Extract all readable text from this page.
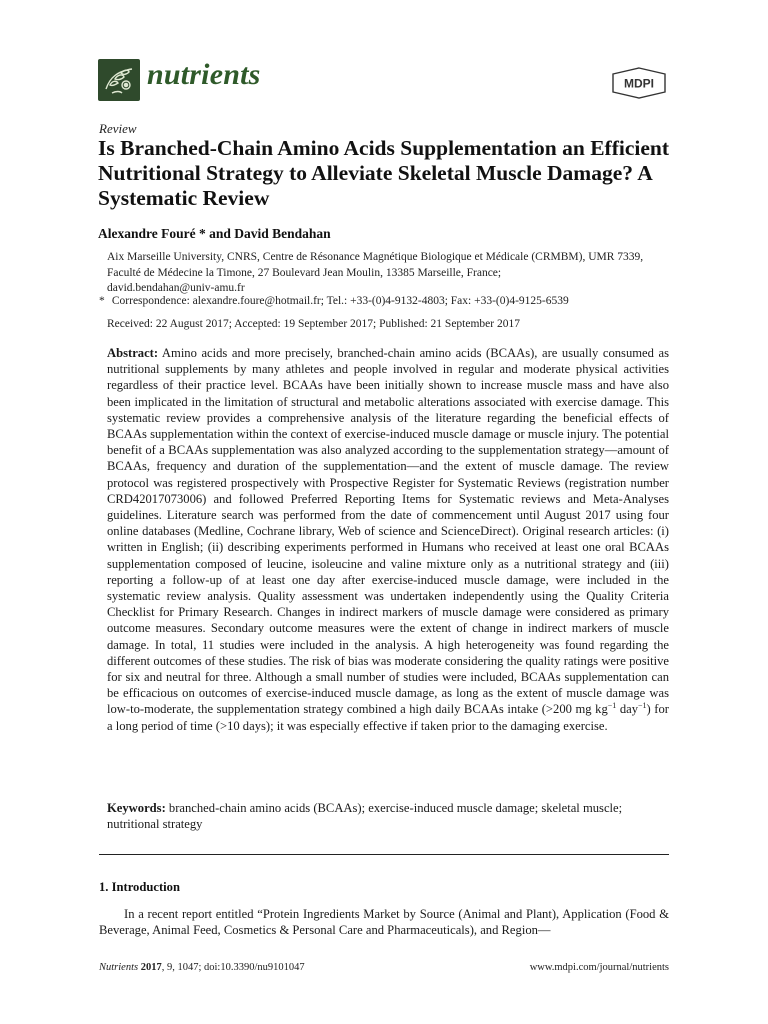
nutrients	MDPI
Review
Is Branched-Chain Amino Acids Supplementation an Efficient Nutritional Strategy to Alleviate Skeletal Muscle Damage? A Systematic Review
Alexandre Fouré * and David Bendahan
Aix Marseille University, CNRS, Centre de Résonance Magnétique Biologique et Médicale (CRMBM), UMR 7339,
Faculté de Médecine la Timone, 27 Boulevard Jean Moulin, 13385 Marseille, France;
david.bendahan@univ-amu.fr
* Correspondence: alexandre.foure@hotmail.fr; Tel.: +33-(0)4-9132-4803; Fax: +33-(0)4-9125-6539
Received: 22 August 2017; Accepted: 19 September 2017; Published: 21 September 2017
Abstract: Amino acids and more precisely, branched-chain amino acids (BCAAs), are usually consumed as nutritional supplements by many athletes and people involved in regular and moderate physical activities regardless of their practice level. BCAAs have been initially shown to increase muscle mass and have also been implicated in the limitation of structural and metabolic alterations associated with exercise damage. This systematic review provides a comprehensive analysis of the literature regarding the beneficial effects of BCAAs supplementation within the context of exercise-induced muscle damage or muscle injury. The potential benefit of a BCAAs supplementation was also analyzed according to the supplementation strategy—amount of BCAAs, frequency and duration of the supplementation—and the extent of muscle damage. The review protocol was registered prospectively with Prospective Register for Systematic Reviews (registration number CRD42017073006) and followed Preferred Reporting Items for Systematic reviews and Meta-Analyses guidelines. Literature search was performed from the date of commencement until August 2017 using four online databases (Medline, Cochrane library, Web of science and ScienceDirect). Original research articles: (i) written in English; (ii) describing experiments performed in Humans who received at least one oral BCAAs supplementation composed of leucine, isoleucine and valine mixture only as a nutritional strategy and (iii) reporting a follow-up of at least one day after exercise-induced muscle damage, were included in the systematic review analysis. Quality assessment was undertaken independently using the Quality Criteria Checklist for Primary Research. Changes in indirect markers of muscle damage were considered as primary outcome measures. Secondary outcome measures were the extent of change in indirect markers of muscle damage. In total, 11 studies were included in the analysis. A high heterogeneity was found regarding the different outcomes of these studies. The risk of bias was moderate considering the quality ratings were positive for six and neutral for three. Although a small number of studies were included, BCAAs supplementation can be efficacious on outcomes of exercise-induced muscle damage, as long as the extent of muscle damage was low-to-moderate, the supplementation strategy combined a high daily BCAAs intake (>200 mg $kg^{-1}$ day$^{-1}$) for a long period of time (>10 days); it was especially effective if taken prior to the damaging exercise.
Keywords: branched-chain amino acids (BCAAs); exercise-induced muscle damage; skeletal muscle; nutritional strategy
1. Introduction
In a recent report entitled “Protein Ingredients Market by Source (Animal and Plant), Application (Food & Beverage, Animal Feed, Cosmetics & Personal Care and Pharmaceuticals), and Region—
Nutrients 2017, 9, 1047; doi:10.3390/nu9101047	www.mdpi.com/journal/nutrients
